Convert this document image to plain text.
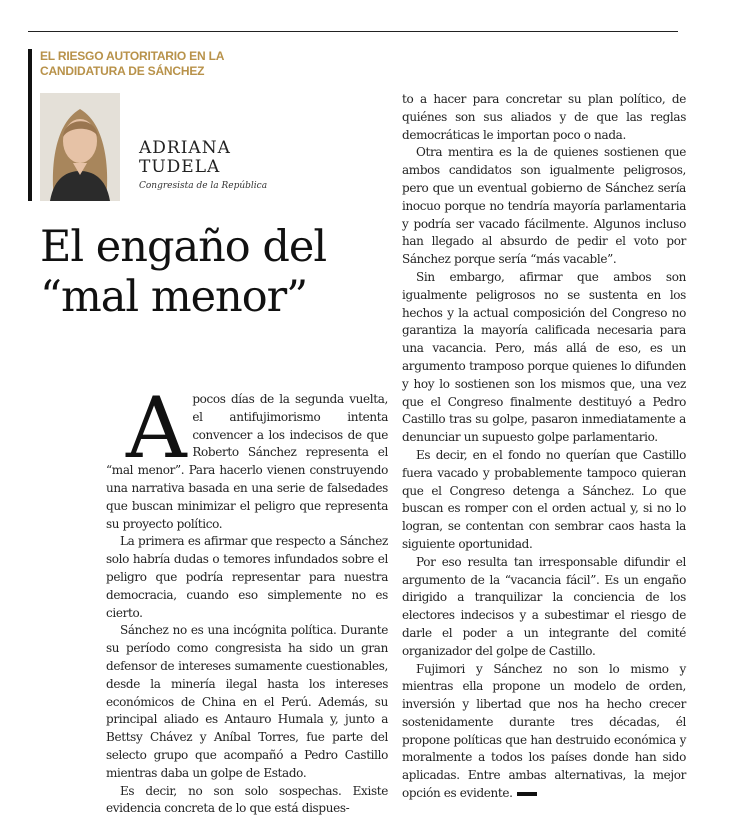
EL RIESGO AUTORITARIO EN LA CANDIDATURA DE SÁNCHEZ
ADRIANA
TUDELA
Congresista de la República
El engaño del
“mal menor”

Apocos días de la segunda vuelta, el antifujimorismo intenta convencer a los indecisos de que Roberto Sánchez representa el “mal menor”. Para hacerlo vienen construyendo una narrativa basada en una serie de falsedades que buscan minimizar el peligro que representa su proyecto político.

La primera es afirmar que respecto a Sánchez solo habría dudas o temores infundados sobre el peligro que podría representar para nuestra democracia, cuando eso simplemente no es cierto.

Sánchez no es una incógnita política. Durante su período como congresista ha sido un gran defensor de intereses sumamente cuestionables, desde la minería ilegal hasta los intereses económicos de China en el Perú. Además, su principal aliado es Antauro Humala y, junto a Bettsy Chávez y Aníbal Torres, fue parte del selecto grupo que acompañó a Pedro Castillo mientras daba un golpe de Estado.

Es decir, no son solo sospechas. Existe evidencia concreta de lo que está dispues-

to a hacer para concretar su plan político, de quiénes son sus aliados y de que las reglas democráticas le importan poco o nada.

Otra mentira es la de quienes sostienen que ambos candidatos son igualmente peligrosos, pero que un eventual gobierno de Sánchez sería inocuo porque no tendría mayoría parlamentaria y podría ser vacado fácilmente. Algunos incluso han llegado al absurdo de pedir el voto por Sánchez porque sería “más vacable”.

Sin embargo, afirmar que ambos son igualmente peligrosos no se sustenta en los hechos y la actual composición del Congreso no garantiza la mayoría calificada necesaria para una vacancia. Pero, más allá de eso, es un argumento tramposo porque quienes lo difunden y hoy lo sostienen son los mismos que, una vez que el Congreso finalmente destituyó a Pedro Castillo tras su golpe, pasaron inmediatamente a denunciar un supuesto golpe parlamentario.

Es decir, en el fondo no querían que Castillo fuera vacado y probablemente tampoco quieran que el Congreso detenga a Sánchez. Lo que buscan es romper con el orden actual y, si no lo logran, se contentan con sembrar caos hasta la siguiente oportunidad.

Por eso resulta tan irresponsable difundir el argumento de la “vacancia fácil”. Es un engaño dirigido a tranquilizar la conciencia de los electores indecisos y a subestimar el riesgo de darle el poder a un integrante del comité organizador del golpe de Castillo.

Fujimori y Sánchez no son lo mismo y mientras ella propone un modelo de orden, inversión y libertad que nos ha hecho crecer sostenidamente durante tres décadas, él propone políticas que han destruido económica y moralmente a todos los países donde han sido aplicadas. Entre ambas alternativas, la mejor opción es evidente.
